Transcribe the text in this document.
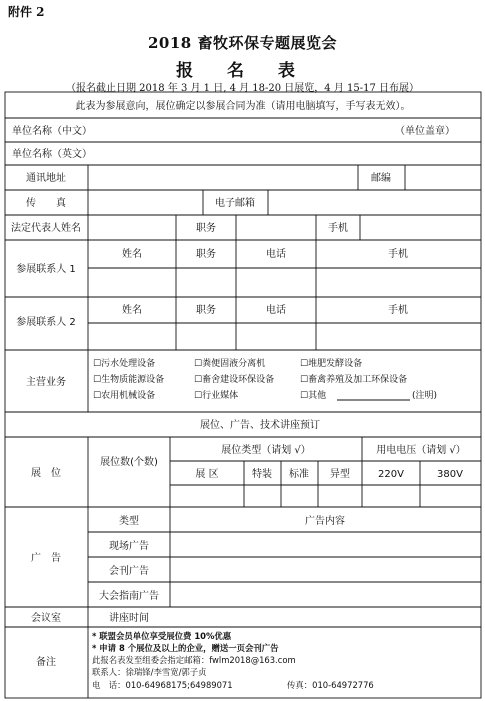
附件 2
2018 畜牧环保专题展览会
报 名 表
（报名截止日期 2018 年 3 月 1 日, 4 月 18-20 日展览，4 月 15-17 日布展）
此表为参展意向，展位确定以参展合同为准（请用电脑填写，手写表无效）。
单位名称（中文）	（单位盖章）
单位名称（英文）
通讯地址	邮编
传　　真	电子邮箱
法定代表人姓名	职务	手机
参展联系人 1
姓名	职务	电话	手机
参展联系人 2
姓名	职务	电话	手机
主营业务
☐污水处理设备	☐粪便固液分离机	☐堆肥发酵设备
☐生物质能源设备	☐畜舍建设环保设备	☐畜禽养殖及加工环保设备
☐农用机械设备	☐行业媒体	☐其他	(注明)
展位、广告、技术讲座预订
展　位
展位数(个数)
展位类型（请划 √）	用电电压（请划 √）
展 区	特装 标准 异型	220V	380V
广　告
类型	广告内容
现场广告
会刊广告
大会指南广告
会议室	讲座时间
备注
* 联盟会员单位享受展位费 10%优惠
* 申请 8 个展位及以上的企业，赠送一页会刊广告
此报名表发至组委会指定邮箱：fwlm2018@163.com
联系人：徐瑞锋/李雪宽/郭子贞
电　话：010-64968175;64989071	传真：010-64972776
